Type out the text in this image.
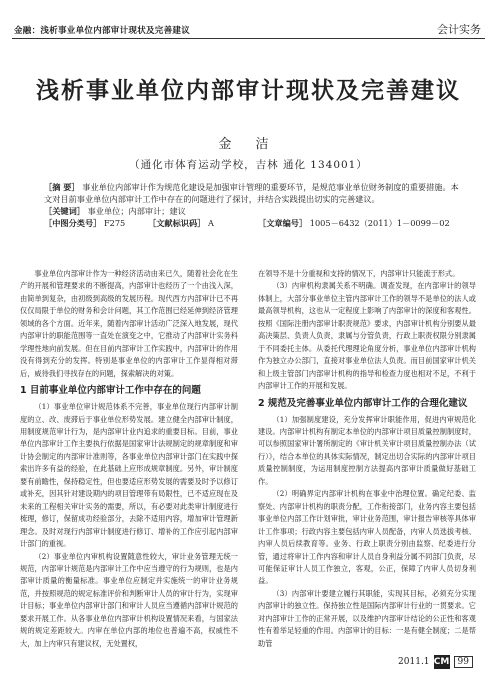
金融：浅析事业单位内部审计现状及完善建议	会计实务
浅析事业单位内部审计现状及完善建议
金 洁
（通化市体育运动学校，吉林 通化 134001）
［摘 要］ 事业单位内部审计作为规范化建设是加强审计管理的重要环节，是规范事业单位财务制度的重要措施。本文对目前事业单位内部审计工作中存在的问题进行了探讨，并结合实践提出切实的完善建议。
［关键词］ 事业单位；内部审计；建议
［中图分类号］ F275	［文献标识码］ A	［文章编号］ 1005－6432（2011）1－0099－02

事业单位内部审计作为一种经济活动由来已久，随着社会化在生产的开展和管理要求的不断提高，内部审计也经历了一个由浅入深，由简单到复杂，由初级到高级的发展历程。现代西方内部审计已不再仅仅局限于单位的财务和会计问题，其工作范围已经延伸到经济管理领域的各个方面。近年来，随着内部审计活动广泛深入地发展，现代内部审计的职能范围等一直处在演变之中，它推动了内部审计实务科学理性地向前发展。但在目前内部审计工作实践中，内部审计的作用没有得到充分的发挥。特别是事业单位的内部审计工作显得相对滞后，威待我们寻找存在的问题，探索解决的对策。

1 目前事业单位内部审计工作中存在的问题

（1）事业单位审计规范体系不完善，事业单位现行内部审计制度的立、改、废滞后于事业单位形势发展。建立健全内部审计制度，用制度规范审计行为，是内部审计业内追求的重要目标。目前，事业单位内部审计工作主要执行依据是国家审计法规制定的规章制度和审计协会制定的内部审计准则等，各事业单位内部审计部门在实践中探索出许多有益的经验，在此基础上应形成规章制度。另外，审计制度要有前瞻性，保持稳定性，但也要适应形势发展的需要及时予以修订或补充，因其针对建设期内的项目管理带有局限性，已不适应现在及未来的工程相关审计实务的需要，所以，有必要对此类审计制度进行梳理，修订，保留成功经验部分，去除不适用内容，增加审计管理新理念。及时对现行内部审计制度进行修订、增补的工作应引起内部审计部门的重视。

（2）事业单位内审机构设置随意性较大，审计业务管理无统一规范，内部审计规范是内部审计工作中应当遵守的行为规则，也是内部审计质量的衡量标准。事业单位应制定并实施统一的审计业务规范，并按照规范的规定标准评价和判断审计人员的审计行为，实现审计目标；事业单位内部审计部门和审计人员应当遵循内部审计规范的要求开展工作。从各事业单位内部审计机构设置情况来看，与国家法规的规定差距较大。内审在单位内部的地位也普遍不高，权威性不大，加上内审只有建议权，无处置权，

在领导不是十分重视和支持的情况下，内部审计只能流于形式。

（3）内审机构隶属关系不明确。调查发现，在内部审计的领导体制上，大部分事业单位主管内部审计工作的领导不是单位的法人或最高领导机构，这也从一定程度上影响了内部审计的深度和客观性。按照《国际注册内部审计职责规范》要求，内部审计机构分别要从最高决策层、负责人负责，隶属与分管负责，行政上职责权限分别隶属于不同委托主体。从委托代理理论角度分析，事业单位内部审计机构作为独立办公部门，直接对事业单位法人负责。而目前国家审计机关和上级主管部门内部审计机构的指导和检查力度也相对不足，不利于内部审计工作的开展和发展。

2 规范及完善事业单位内部审计工作的合理化建议

（1）加强制度建设，充分发挥审计职能作用，促进内审规范化建设。内部审计机构有制定本单位的内部审计项目质量控制制度时，可以参照国家审计署所制定的《审计机关审计项目质量控制办法（试行）》，结合本单位的具体实际情况，制定出切合实际的内部审计项目质量控制制度，为运用制度控制方法提高内部审计质量做好基础工作。

（2）明确界定内部审计机构在事业中治理位置。确定纪委、监察处、内部审计机构的职责分配，工作衔接部门，业务内容主要包括事业单位内部工作计划审批，审计业务范围，审计报告审核等具体审计工作事项；行政内容主要包括内审人员配备，内审人员选拔考核、内审人员后续教育等。业务、行政上职责分别由监察、纪委进行分管，通过将审计工作内容和审计人员自身利益分属不同部门负责，尽可能保证审计人员工作独立，客观，公正，保障了内审人员切身利益。

（3）内部审计要建立履行其职能，实现其目标，必须充分实现内部审计的独立性。保持独立性是国际内部审计行业的一贯要求。它对内部审计工作的正常开展，以及维护内部审计结论的公正性和客观性有着举足轻重的作用。内部审计的目标：一是有健全制度；二是帮助管

2011.1 CM 99
